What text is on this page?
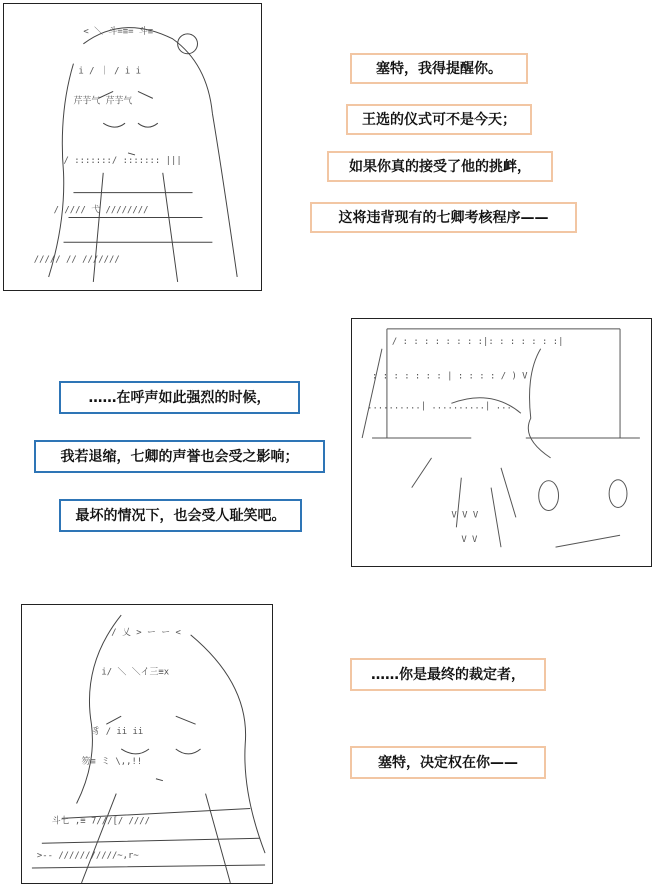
< ＼ 斗=≡= 斗≡
i / ｜ / i i
芹芋气 芹芋气
/ :::::::/ ::::::: |||
/ //// 弋 ////////
///// // ///////
塞特，我得提醒你。
王选的仪式可不是今天；
如果你真的接受了他的挑衅，
这将违背现有的七卿考核程序——
……在呼声如此强烈的时候，
我若退缩，七卿的声誉也会受之影响；
最坏的情况下，也会受人耻笑吧。
/ : : : : : : : :|: : : : : : :|
: : : : : : : | : : : : / ) V
..........| ..........| ...
V V V
V V
/ 乂 > ー ー <
i/ ＼ ＼イ三≡x
豸 / ii ii
笏≡ ミ \,,!!
斗七 ,≡ 7///[/ ////
>-- ///////////~,r~
……你是最终的裁定者，
塞特，决定权在你——
